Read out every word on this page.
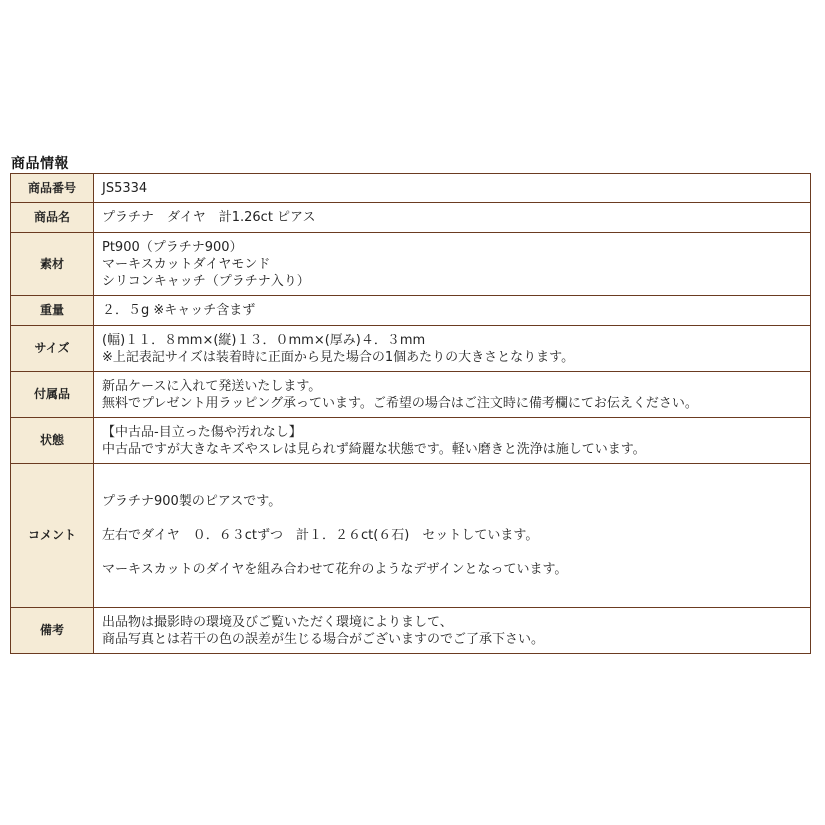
商品情報
商品番号	JS5334

商品名	プラチナ　ダイヤ　計1.26ct ピアス

素材	Pt900（プラチナ900）
マーキスカットダイヤモンド
シリコンキャッチ（プラチナ入り）

重量	２．５g ※キャッチ含まず

サイズ	(幅)１１．８mm×(縦)１３．０mm×(厚み)４．３mm
※上記表記サイズは装着時に正面から見た場合の1個あたりの大きさとなります。

付属品	新品ケースに入れて発送いたします。
無料でプレゼント用ラッピング承っています。ご希望の場合はご注文時に備考欄にてお伝えください。

状態	【中古品-目立った傷や汚れなし】
中古品ですが大きなキズやスレは見られず綺麗な状態です。軽い磨きと洗浄は施しています。

コメント	プラチナ900製のピアスです。
左右でダイヤ　０．６３ctずつ　計１．２６ct(６石)　セットしています。
マーキスカットのダイヤを組み合わせて花弁のようなデザインとなっています。

備考	出品物は撮影時の環境及びご覧いただく環境によりまして、
商品写真とは若干の色の誤差が生じる場合がございますのでご了承下さい。
